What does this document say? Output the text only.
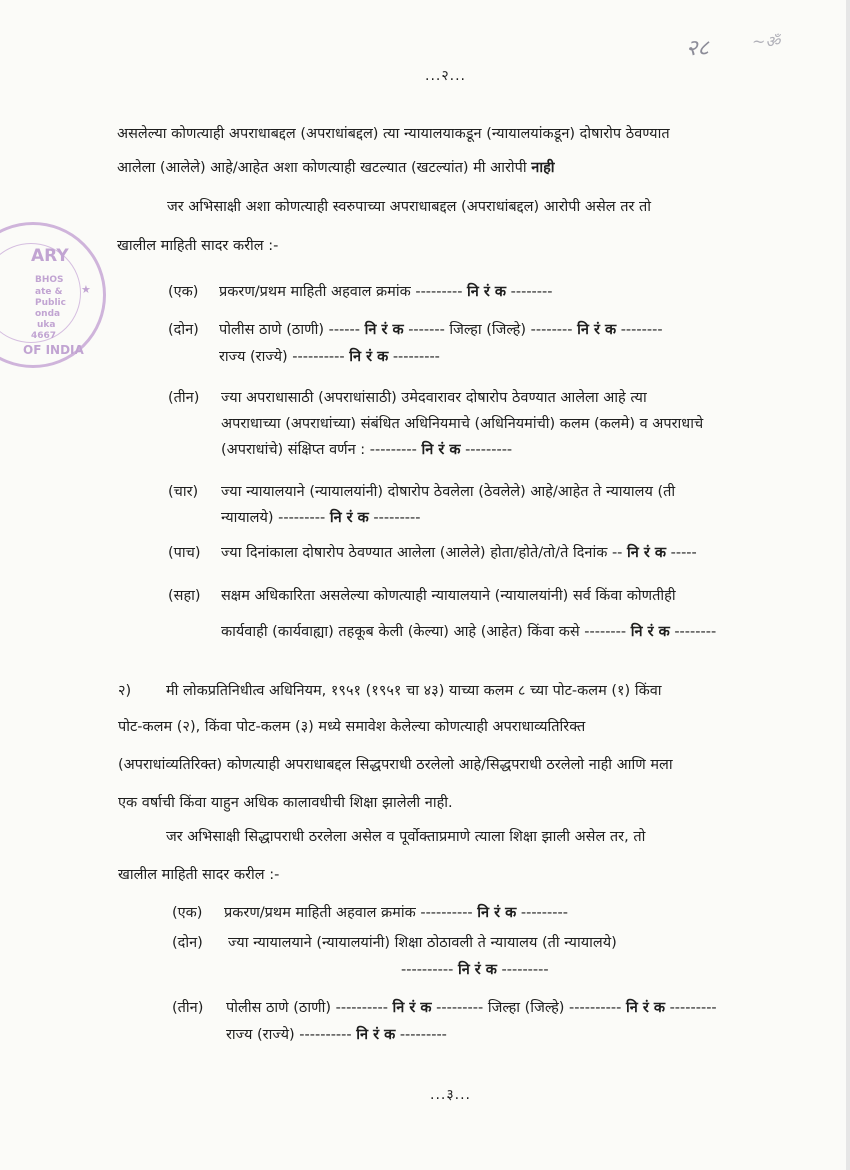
२८	~ॐ
ARY
BHOS
ate &
Public
onda
uka
4667
OF INDIA
★
...२...
असलेल्या कोणत्याही अपराधाबद्दल (अपराधांबद्दल) त्या न्यायालयाकडून (न्यायालयांकडून) दोषारोप ठेवण्यात
आलेला (आलेले) आहे/आहेत अशा कोणत्याही खटल्यात (खटल्यांत) मी आरोपी नाही
जर अभिसाक्षी अशा कोणत्याही स्वरुपाच्या अपराधाबद्दल (अपराधांबद्दल) आरोपी असेल तर तो
खालील माहिती सादर करील :-
(एक) प्रकरण/प्रथम माहिती अहवाल क्रमांक --------- नि रं क --------
(दोन) पोलीस ठाणे (ठाणी) ------ नि रं क ------- जिल्हा (जिल्हे) -------- नि रं क --------
राज्य (राज्ये) ---------- नि रं क ---------
(तीन) ज्या अपराधासाठी (अपराधांसाठी) उमेदवारावर दोषारोप ठेवण्यात आलेला आहे त्या
अपराधाच्या (अपराधांच्या) संबंधित अधिनियमाचे (अधिनियमांची) कलम (कलमे) व अपराधाचे
(अपराधांचे) संक्षिप्त वर्णन : --------- नि रं क ---------
(चार) ज्या न्यायालयाने (न्यायालयांनी) दोषारोप ठेवलेला (ठेवलेले) आहे/आहेत ते न्यायालय (ती
न्यायालये) --------- नि रं क ---------
(पाच) ज्या दिनांकाला दोषारोप ठेवण्यात आलेला (आलेले) होता/होते/तो/ते दिनांक -- नि रं क -----
(सहा) सक्षम अधिकारिता असलेल्या कोणत्याही न्यायालयाने (न्यायालयांनी) सर्व किंवा कोणतीही
कार्यवाही (कार्यवाह्या) तहकूब केली (केल्या) आहे (आहेत) किंवा कसे -------- नि रं क --------
२) मी लोकप्रतिनिधीत्व अधिनियम, १९५१ (१९५१ चा ४३) याच्या कलम ८ च्या पोट-कलम (१) किंवा
पोट-कलम (२), किंवा पोट-कलम (३) मध्ये समावेश केलेल्या कोणत्याही अपराधाव्यतिरिक्त
(अपराधांव्यतिरिक्त) कोणत्याही अपराधाबद्दल सिद्धपराधी ठरलेलो आहे/सिद्धपराधी ठरलेलो नाही आणि मला
एक वर्षाची किंवा याहुन अधिक कालावधीची शिक्षा झालेली नाही.
जर अभिसाक्षी सिद्धापराधी ठरलेला असेल व पूर्वोक्ताप्रमाणे त्याला शिक्षा झाली असेल तर, तो
खालील माहिती सादर करील :-
(एक) प्रकरण/प्रथम माहिती अहवाल क्रमांक ---------- नि रं क ---------
(दोन) ज्या न्यायालयाने (न्यायालयांनी) शिक्षा ठोठावली ते न्यायालय (ती न्यायालये)
---------- नि रं क ---------
(तीन) पोलीस ठाणे (ठाणी) ---------- नि रं क --------- जिल्हा (जिल्हे) ---------- नि रं क ---------
राज्य (राज्ये) ---------- नि रं क ---------
...३...
